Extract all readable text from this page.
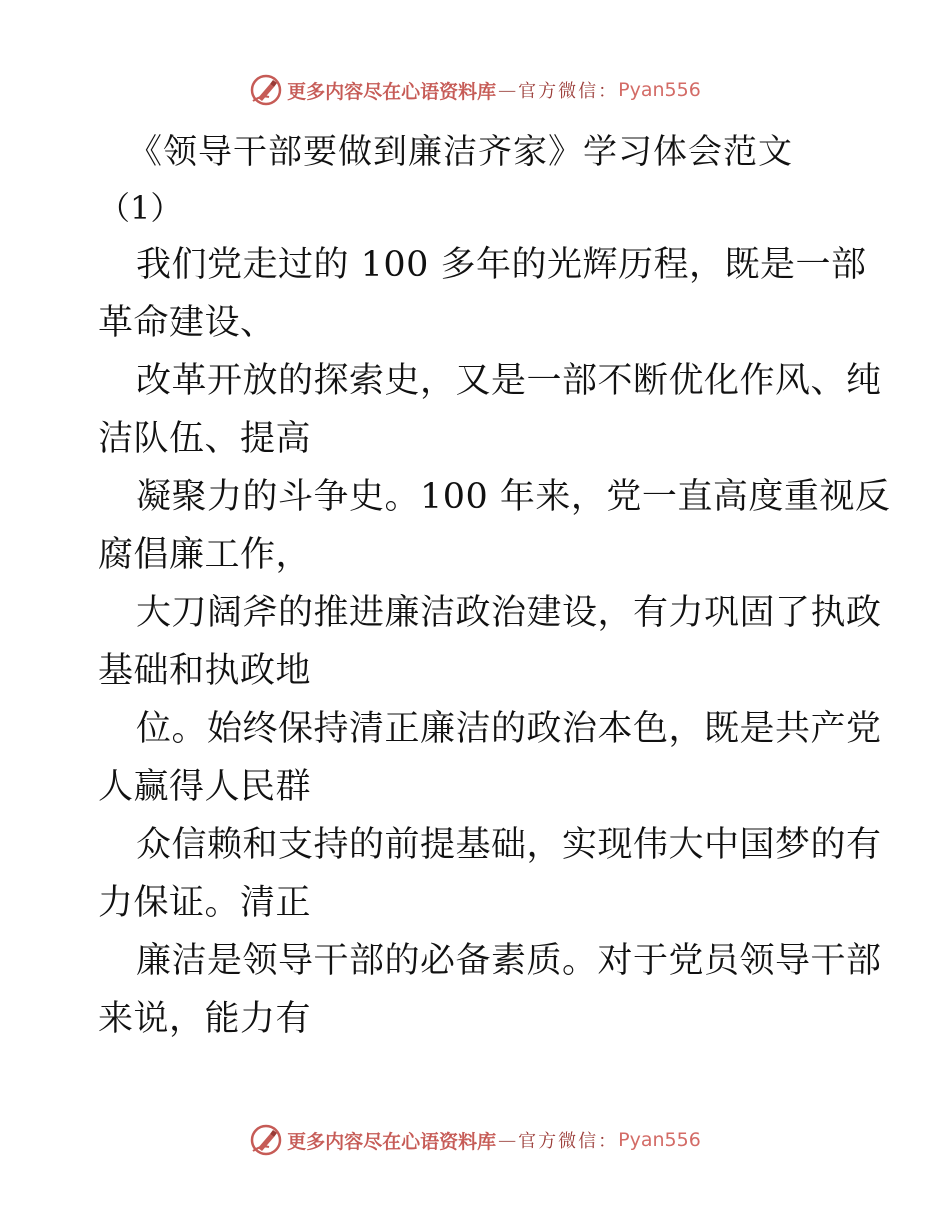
更多内容尽在心语资料库 — 官方微信： Pyan556
《领导干部要做到廉洁齐家》学习体会范文
（1）
我们党走过的 100 多年的光辉历程，既是一部
革命建设、
改革开放的探索史，又是一部不断优化作风、纯
洁队伍、提高
凝聚力的斗争史。100 年来，党一直高度重视反
腐倡廉工作，
大刀阔斧的推进廉洁政治建设，有力巩固了执政
基础和执政地
位。始终保持清正廉洁的政治本色，既是共产党
人赢得人民群
众信赖和支持的前提基础，实现伟大中国梦的有
力保证。清正
廉洁是领导干部的必备素质。对于党员领导干部
来说，能力有
更多内容尽在心语资料库 — 官方微信： Pyan556
